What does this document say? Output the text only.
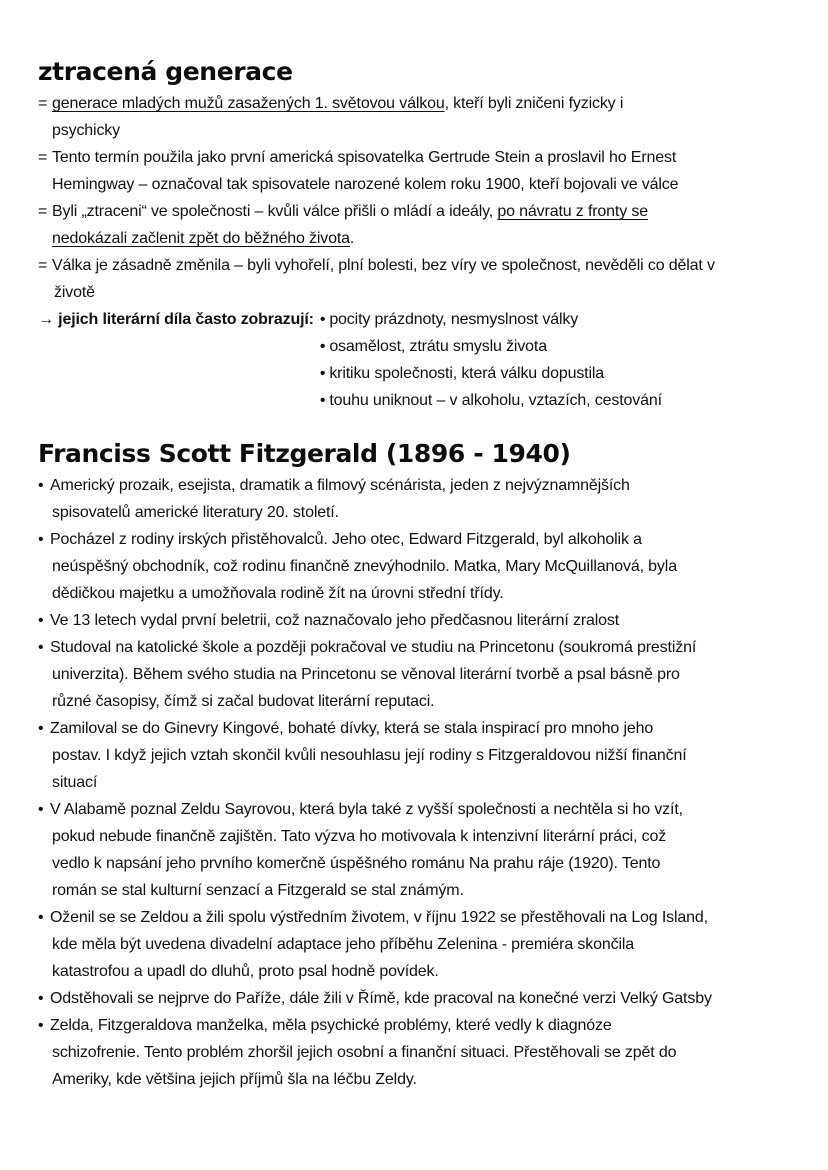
ztracená generace
= generace mladých mužů zasažených 1. světovou válkou, kteří byli zničeni fyzicky i
psychicky
= Tento termín použila jako první americká spisovatelka Gertrude Stein a proslavil ho Ernest
Hemingway – označoval tak spisovatele narozené kolem roku 1900, kteří bojovali ve válce
= Byli „ztraceni“ ve společnosti – kvůli válce přišli o mládí a ideály, po návratu z fronty se
nedokázali začlenit zpět do běžného života.
= Válka je zásadně změnila – byli vyhořelí, plní bolesti, bez víry ve společnost, nevěděli co dělat v
životě
→ jejich literární díla často zobrazují: • pocity prázdnoty, nesmyslnost války
• osamělost, ztrátu smyslu života
• kritiku společnosti, která válku dopustila
• touhu uniknout – v alkoholu, vztazích, cestování
Franciss Scott Fitzgerald (1896 - 1940)
• Americký prozaik, esejista, dramatik a filmový scénárista, jeden z nejvýznamnějších
spisovatelů americké literatury 20. století.
• Pocházel z rodiny irských přistěhovalců. Jeho otec, Edward Fitzgerald, byl alkoholik a
neúspěšný obchodník, což rodinu finančně znevýhodnilo. Matka, Mary McQuillanová, byla
dědičkou majetku a umožňovala rodině žít na úrovni střední třídy.
• Ve 13 letech vydal první beletrii, což naznačovalo jeho předčasnou literární zralost
• Studoval na katolické škole a později pokračoval ve studiu na Princetonu (soukromá prestižní
univerzita). Během svého studia na Princetonu se věnoval literární tvorbě a psal básně pro
různé časopisy, čímž si začal budovat literární reputaci.
• Zamiloval se do Ginevry Kingové, bohaté dívky, která se stala inspirací pro mnoho jeho
postav. I když jejich vztah skončil kvůli nesouhlasu její rodiny s Fitzgeraldovou nižší finanční
situací
• V Alabamě poznal Zeldu Sayrovou, která byla také z vyšší společnosti a nechtěla si ho vzít,
pokud nebude finančně zajištěn. Tato výzva ho motivovala k intenzivní literární práci, což
vedlo k napsání jeho prvního komerčně úspěšného románu Na prahu ráje (1920). Tento
román se stal kulturní senzací a Fitzgerald se stal známým.
• Oženil se se Zeldou a žili spolu výstředním životem, v říjnu 1922 se přestěhovali na Log Island,
kde měla být uvedena divadelní adaptace jeho příběhu Zelenina - premiéra skončila
katastrofou a upadl do dluhů, proto psal hodně povídek.
• Odstěhovali se nejprve do Paříže, dále žili v Římě, kde pracoval na konečné verzi Velký Gatsby
• Zelda, Fitzgeraldova manželka, měla psychické problémy, které vedly k diagnóze
schizofrenie. Tento problém zhoršil jejich osobní a finanční situaci. Přestěhovali se zpět do
Ameriky, kde většina jejich příjmů šla na léčbu Zeldy.
